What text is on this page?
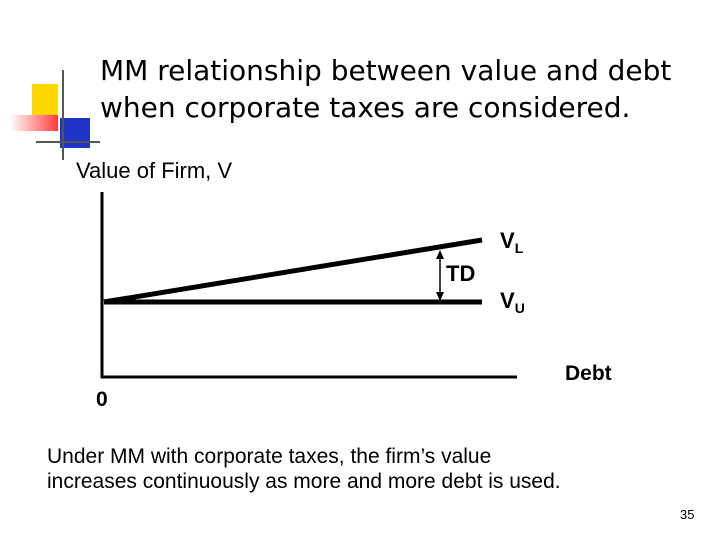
MM relationship between value and debt
when corporate taxes are considered.
Value of Firm, V
TD
$V_L$
$V_U$
Debt
0
Under MM with corporate taxes, the firm’s value
increases continuously as more and more debt is used.
35
